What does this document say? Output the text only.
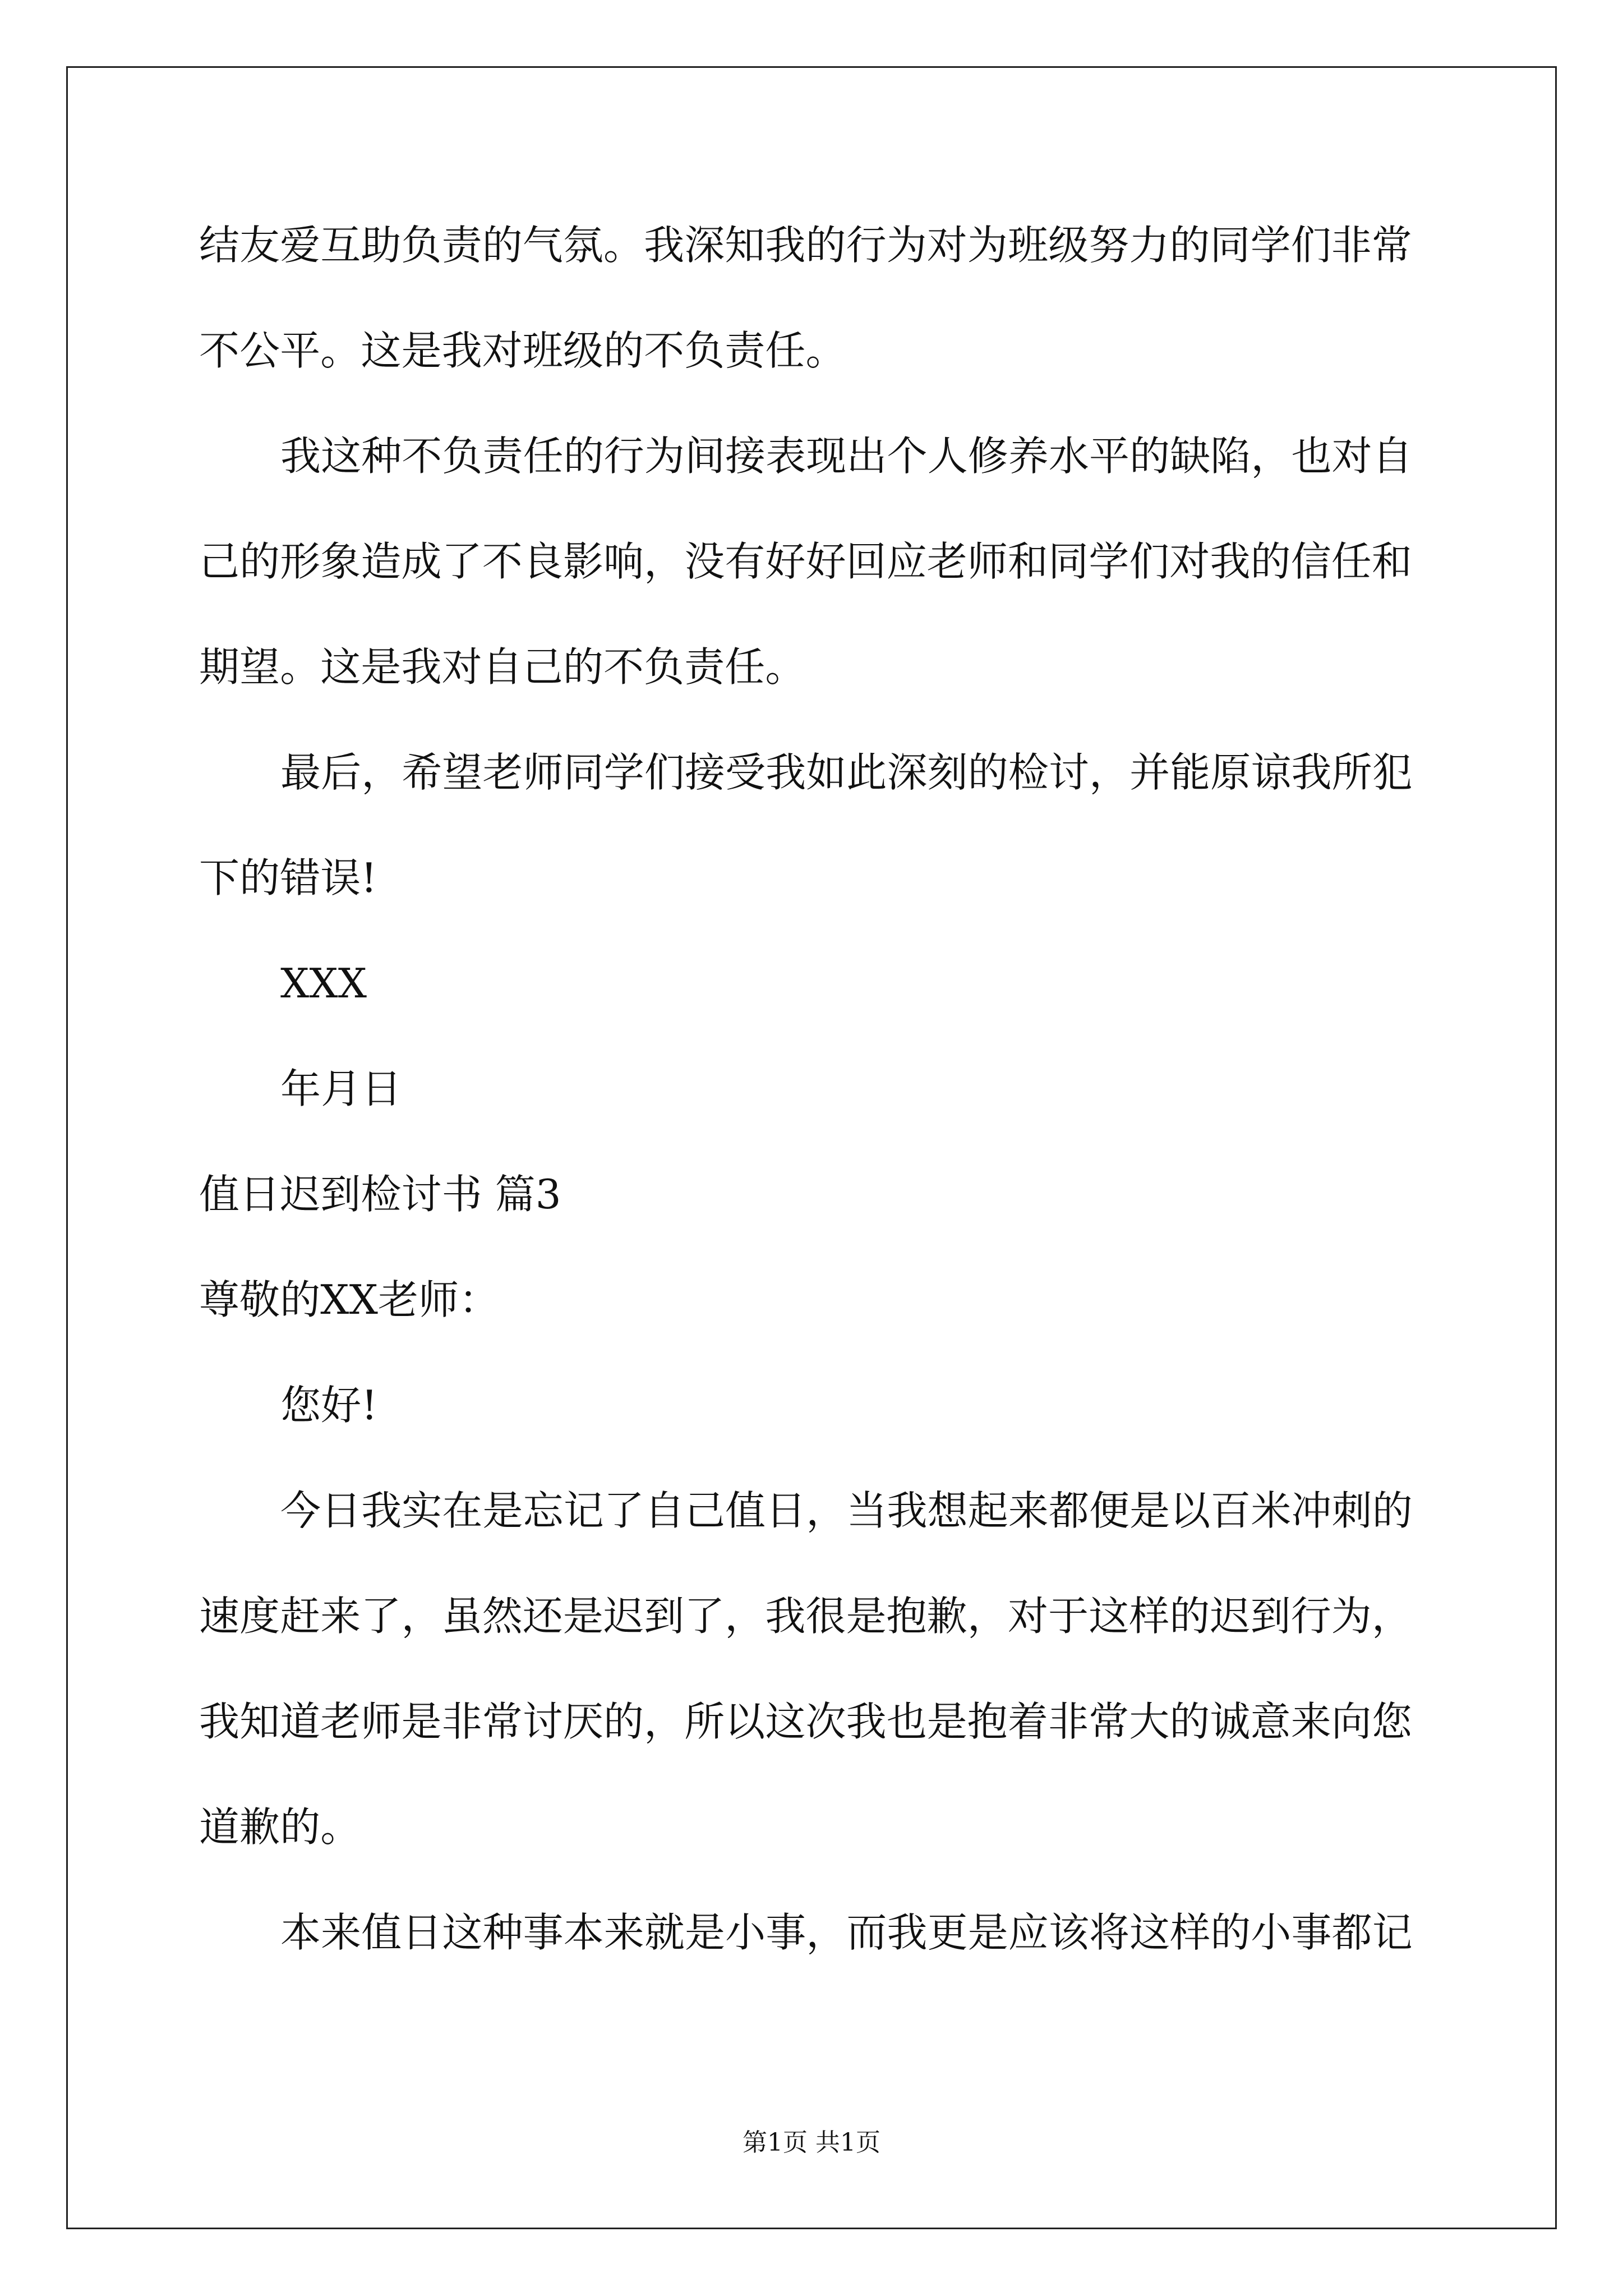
结友爱互助负责的气氛。我深知我的行为对为班级努力的同学们非常
不公平。这是我对班级的不负责任。
我这种不负责任的行为间接表现出个人修养水平的缺陷，也对自
己的形象造成了不良影响，没有好好回应老师和同学们对我的信任和
期望。这是我对自己的不负责任。
最后，希望老师同学们接受我如此深刻的检讨，并能原谅我所犯
下的错误!
XXX
年月日
值日迟到检讨书 篇3
尊敬的XX老师：
您好!
今日我实在是忘记了自己值日，当我想起来都便是以百米冲刺的
速度赶来了，虽然还是迟到了，我很是抱歉，对于这样的迟到行为，
我知道老师是非常讨厌的，所以这次我也是抱着非常大的诚意来向您
道歉的。
本来值日这种事本来就是小事，而我更是应该将这样的小事都记
第1页 共1页
